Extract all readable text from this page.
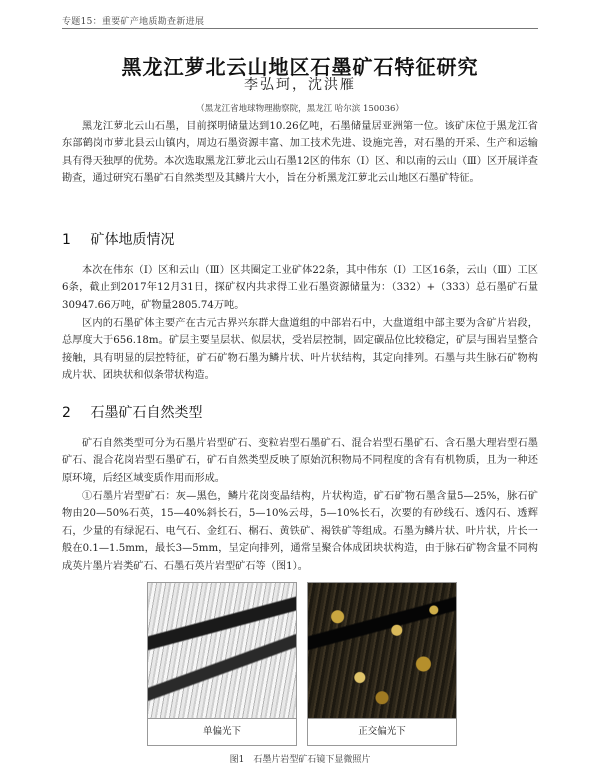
专题15：重要矿产地质勘查新进展
黑龙江萝北云山地区石墨矿石特征研究
李弘珂，沈洪雁
（黑龙江省地球物理勘察院，黑龙江 哈尔滨 150036）

黑龙江萝北云山石墨，目前探明储量达到10.26亿吨，石墨储量居亚洲第一位。该矿床位于黑龙江省东部鹤岗市萝北县云山镇内，周边石墨资源丰富、加工技术先进、设施完善，对石墨的开采、生产和运输具有得天独厚的优势。本次选取黑龙江萝北云山石墨12区的伟东（Ⅰ）区、和以南的云山（Ⅲ）区开展详查勘查，通过研究石墨矿石自然类型及其鳞片大小，旨在分析黑龙江萝北云山地区石墨矿特征。

1 矿体地质情况

本次在伟东（Ⅰ）区和云山（Ⅲ）区共圈定工业矿体22条，其中伟东（Ⅰ）工区16条，云山（Ⅲ）工区6条，截止到2017年12月31日，探矿权内共求得工业石墨资源储量为：（332）+（333）总石墨矿石量30947.66万吨，矿物量2805.74万吨。

区内的石墨矿体主要产在古元古界兴东群大盘道组的中部岩石中，大盘道组中部主要为含矿片岩段，总厚度大于656.18m。矿层主要呈层状、似层状，受岩层控制，固定碳品位比较稳定，矿层与围岩呈整合接触，具有明显的层控特征，矿石矿物石墨为鳞片状、叶片状结构，其定向排列。石墨与共生脉石矿物构成片状、团块状和似条带状构造。

2 石墨矿石自然类型

矿石自然类型可分为石墨片岩型矿石、变粒岩型石墨矿石、混合岩型石墨矿石、含石墨大理岩型石墨矿石、混合花岗岩型石墨矿石，矿石自然类型反映了原始沉积物局不同程度的含有有机物质，且为一种还原环境，后经区域变质作用而形成。

①石墨片岩型矿石：灰—黑色，鳞片花岗变晶结构，片状构造，矿石矿物石墨含量5—25%，脉石矿物由20—50%石英，15—40%斜长石，5—10%云母，5—10%长石，次要的有砂线石、透闪石、透辉石，少量的有绿泥石、电气石、金红石、榍石、黄铁矿、褐铁矿等组成。石墨为鳞片状、叶片状，片长一般在0.1—1.5mm，最长3—5mm，呈定向排列，通常呈聚合体成团块状构造，由于脉石矿物含量不同构成英片墨片岩类矿石、石墨石英片岩型矿石等（图1）。

单偏光下	正交偏光下
图1　石墨片岩型矿石镜下显微照片
